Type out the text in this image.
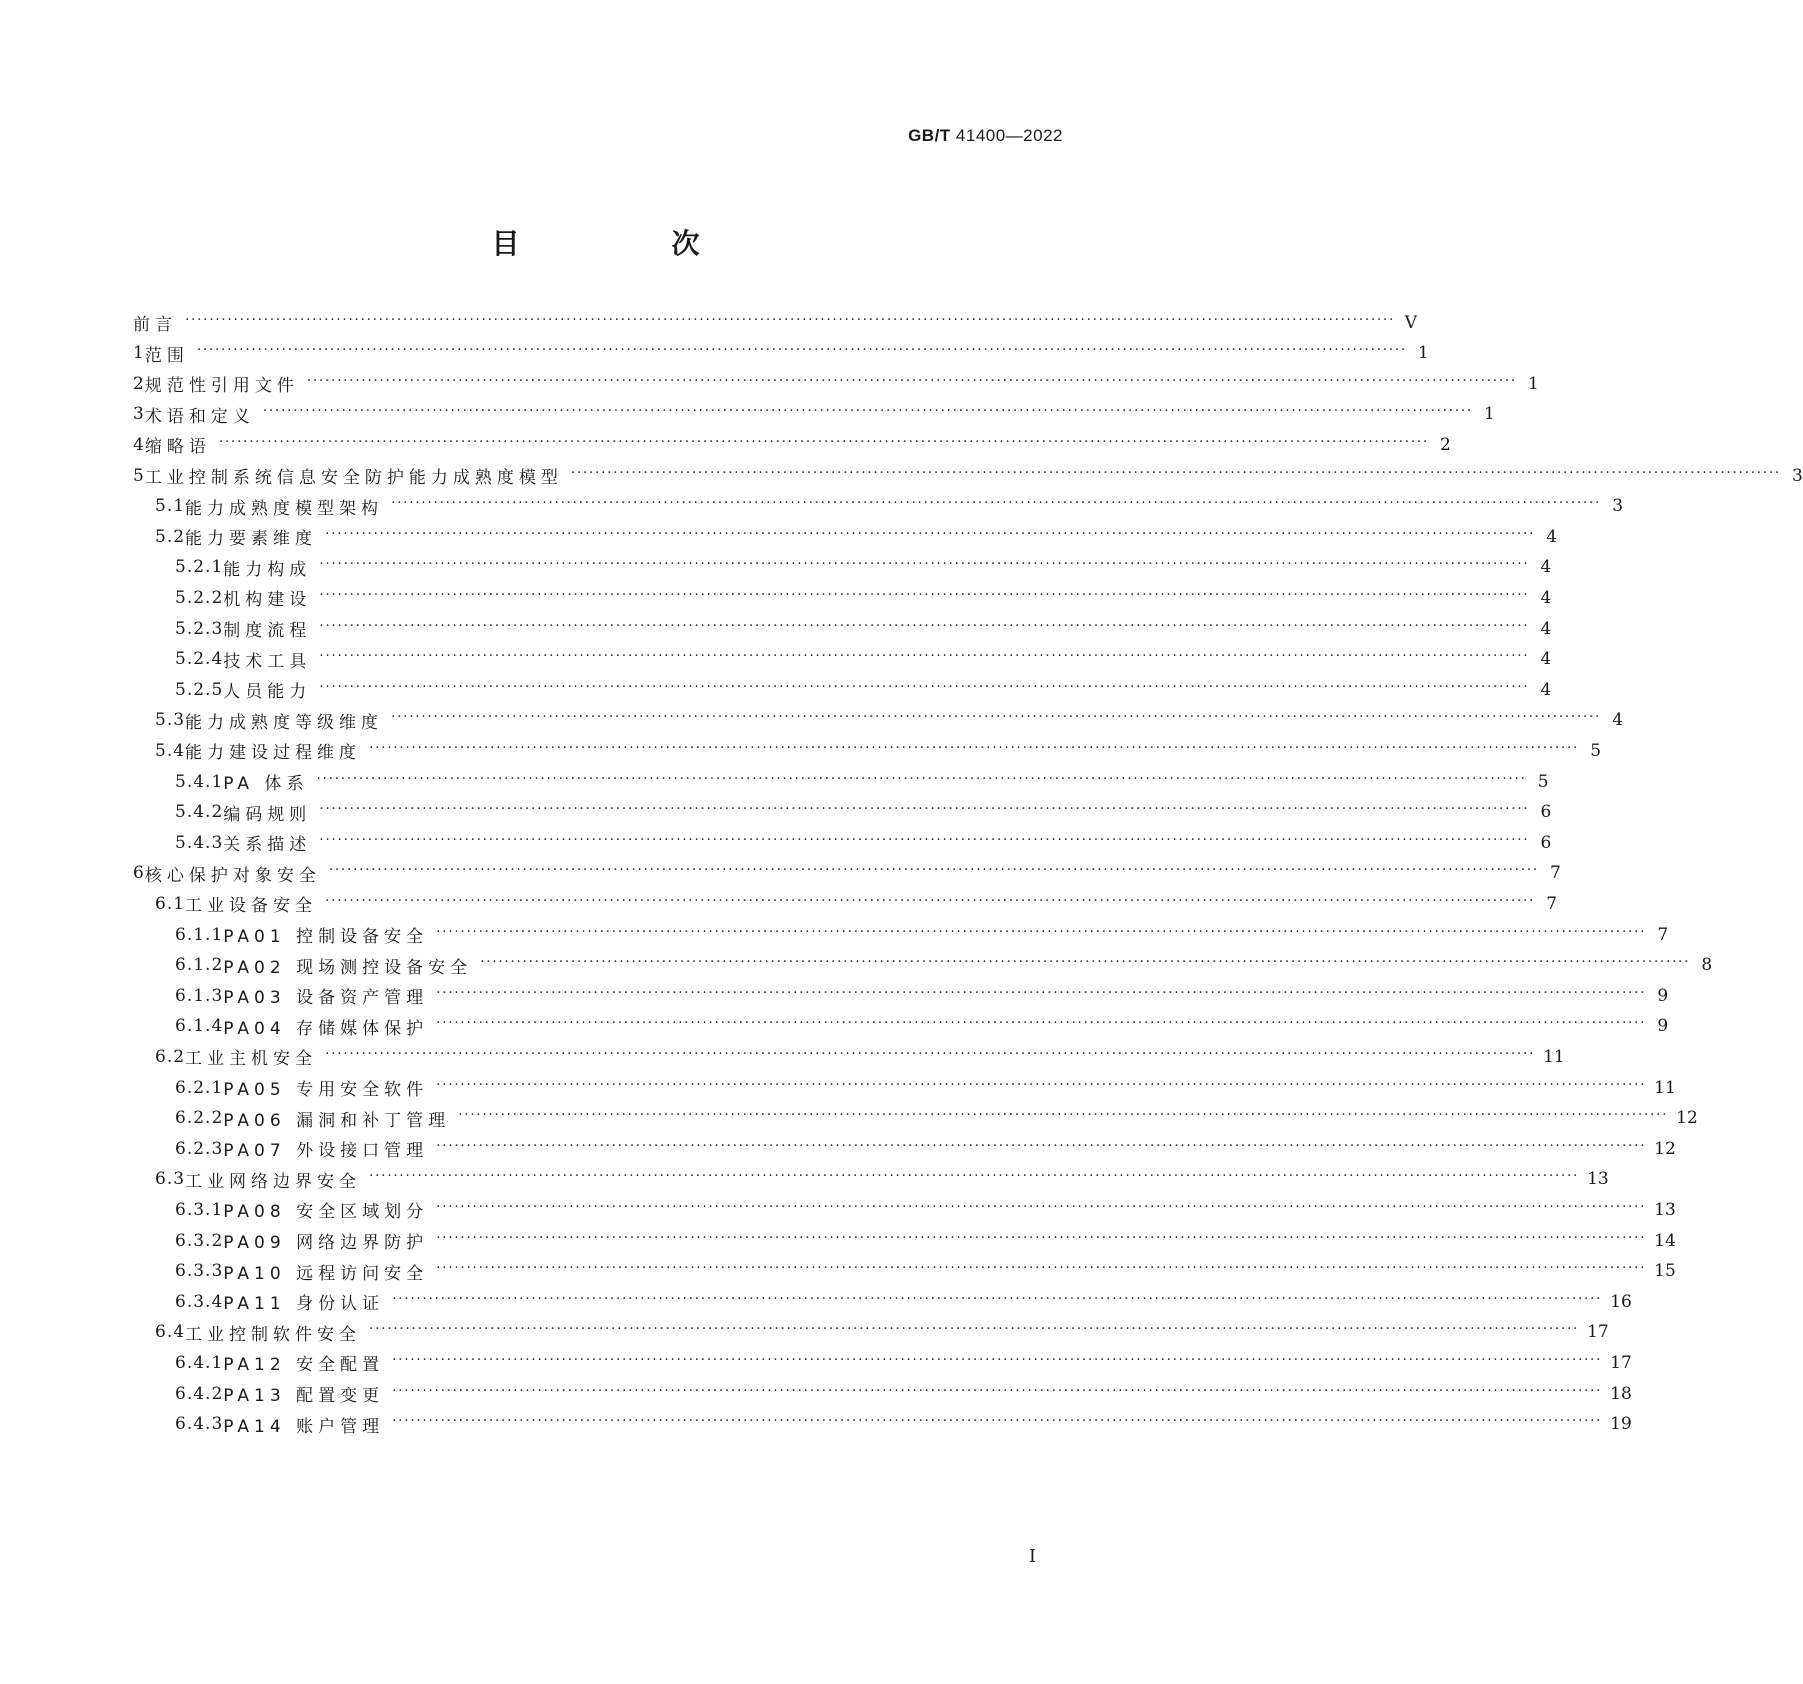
GB/T 41400—2022
目　次
前言 ········································································································································································································ Ⅴ
1 范围 ········································································································································································································ 1
2 规范性引用文件 ········································································································································································································ 1
3 术语和定义 ········································································································································································································ 1
4 缩略语 ········································································································································································································ 2
5 工业控制系统信息安全防护能力成熟度模型 ········································································································································································································ 3
5.1 能力成熟度模型架构 ········································································································································································································ 3
5.2 能力要素维度 ········································································································································································································ 4
5.2.1 能力构成 ········································································································································································································ 4
5.2.2 机构建设 ········································································································································································································ 4
5.2.3 制度流程 ········································································································································································································ 4
5.2.4 技术工具 ········································································································································································································ 4
5.2.5 人员能力 ········································································································································································································ 4
5.3 能力成熟度等级维度 ········································································································································································································ 4
5.4 能力建设过程维度 ········································································································································································································ 5
5.4.1 PA 体系 ········································································································································································································ 5
5.4.2 编码规则 ········································································································································································································ 6
5.4.3 关系描述 ········································································································································································································ 6
6 核心保护对象安全 ········································································································································································································ 7
6.1 工业设备安全 ········································································································································································································ 7
6.1.1 PA01 控制设备安全 ········································································································································································································ 7
6.1.2 PA02 现场测控设备安全 ········································································································································································································ 8
6.1.3 PA03 设备资产管理 ········································································································································································································ 9
6.1.4 PA04 存储媒体保护 ········································································································································································································ 9
6.2 工业主机安全 ········································································································································································································ 11
6.2.1 PA05 专用安全软件 ········································································································································································································ 11
6.2.2 PA06 漏洞和补丁管理 ········································································································································································································ 12
6.2.3 PA07 外设接口管理 ········································································································································································································ 12
6.3 工业网络边界安全 ········································································································································································································ 13
6.3.1 PA08 安全区域划分 ········································································································································································································ 13
6.3.2 PA09 网络边界防护 ········································································································································································································ 14
6.3.3 PA10 远程访问安全 ········································································································································································································ 15
6.3.4 PA11 身份认证 ········································································································································································································ 16
6.4 工业控制软件安全 ········································································································································································································ 17
6.4.1 PA12 安全配置 ········································································································································································································ 17
6.4.2 PA13 配置变更 ········································································································································································································ 18
6.4.3 PA14 账户管理 ········································································································································································································ 19
Ⅰ
